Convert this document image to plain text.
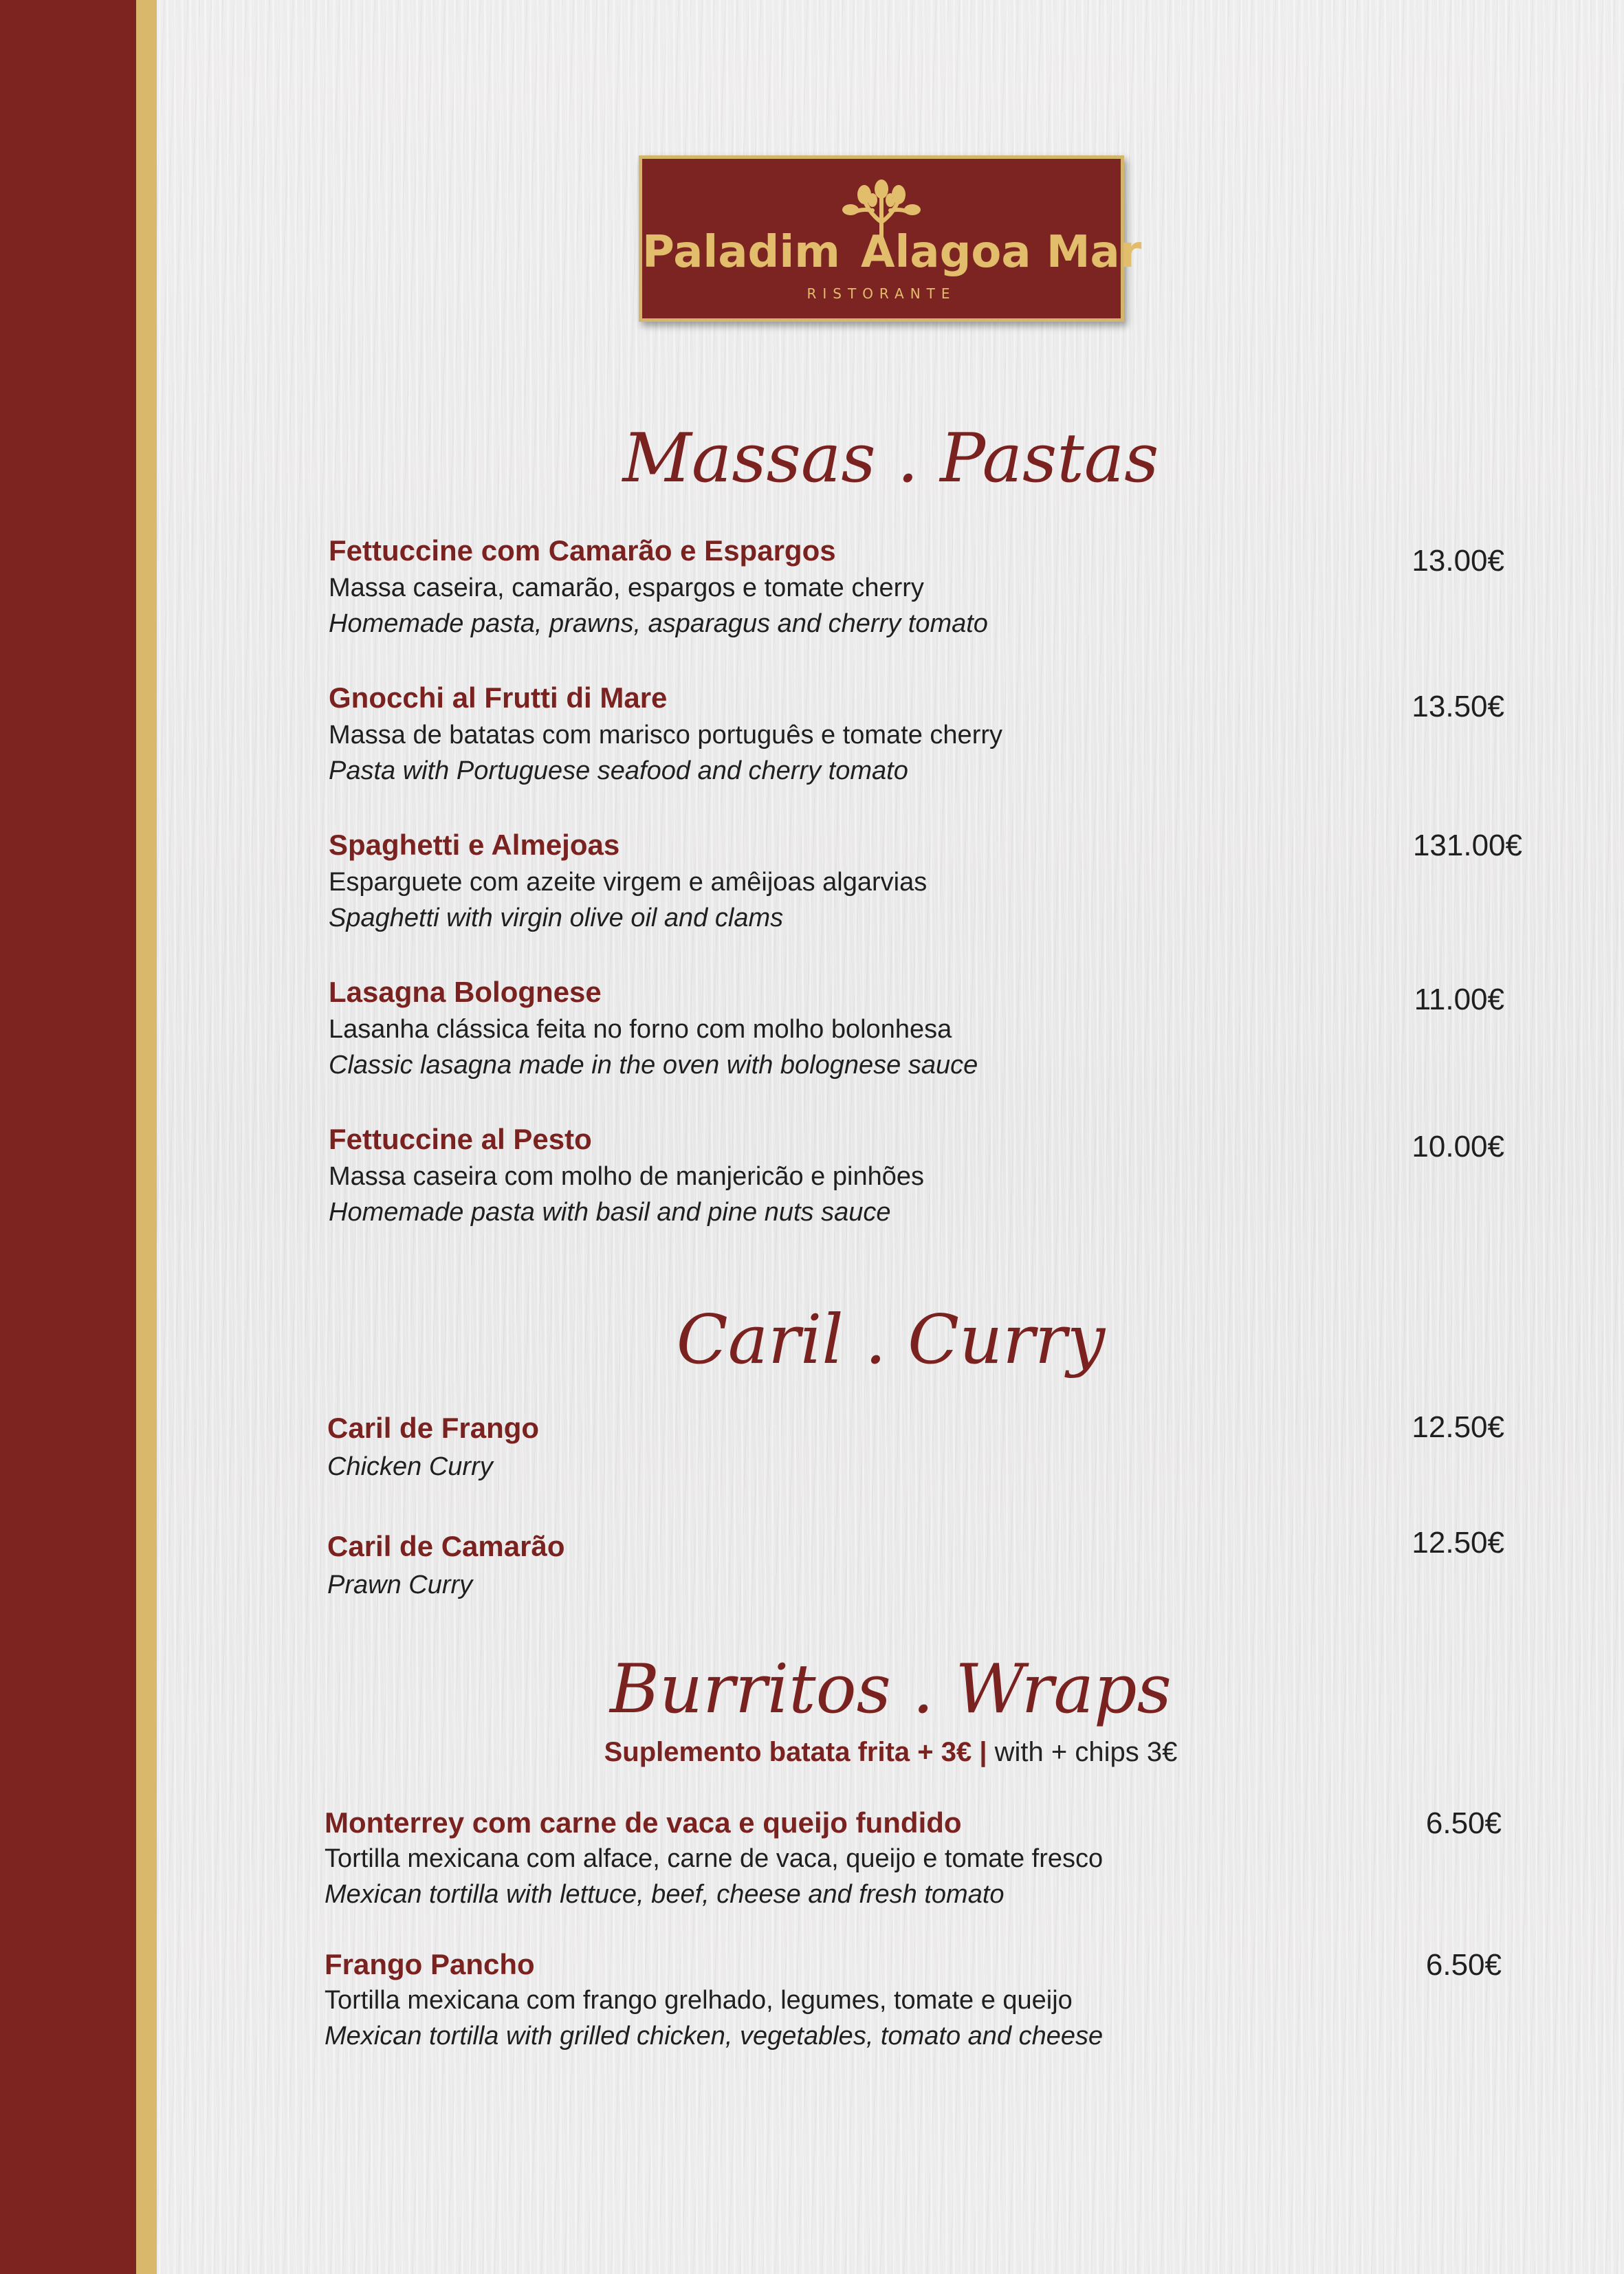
Paladim Alagoa Mar
RISTORANTE
Massas . Pastas
Fettuccine com Camarão e Espargos
Massa caseira, camarão, espargos e tomate cherry
Homemade pasta, prawns, asparagus and cherry tomato
13.00€
Gnocchi al Frutti di Mare
Massa de batatas com marisco português e tomate cherry
Pasta with Portuguese seafood and cherry tomato
13.50€
Spaghetti e Almejoas
Esparguete com azeite virgem e amêijoas algarvias
Spaghetti with virgin olive oil and clams
131.00€
Lasagna Bolognese
Lasanha clássica feita no forno com molho bolonhesa
Classic lasagna made in the oven with bolognese sauce
11.00€
Fettuccine al Pesto
Massa caseira com molho de manjericão e pinhões
Homemade pasta with basil and pine nuts sauce
10.00€
Caril . Curry
Caril de Frango
Chicken Curry
12.50€
Caril de Camarão
Prawn Curry
12.50€
Burritos . Wraps
Suplemento batata frita + 3€ | with + chips 3€
Monterrey com carne de vaca e queijo fundido
Tortilla mexicana com alface, carne de vaca, queijo e tomate fresco
Mexican tortilla with lettuce, beef, cheese and fresh tomato
6.50€
Frango Pancho
Tortilla mexicana com frango grelhado, legumes, tomate e queijo
Mexican tortilla with grilled chicken, vegetables, tomato and cheese
6.50€
